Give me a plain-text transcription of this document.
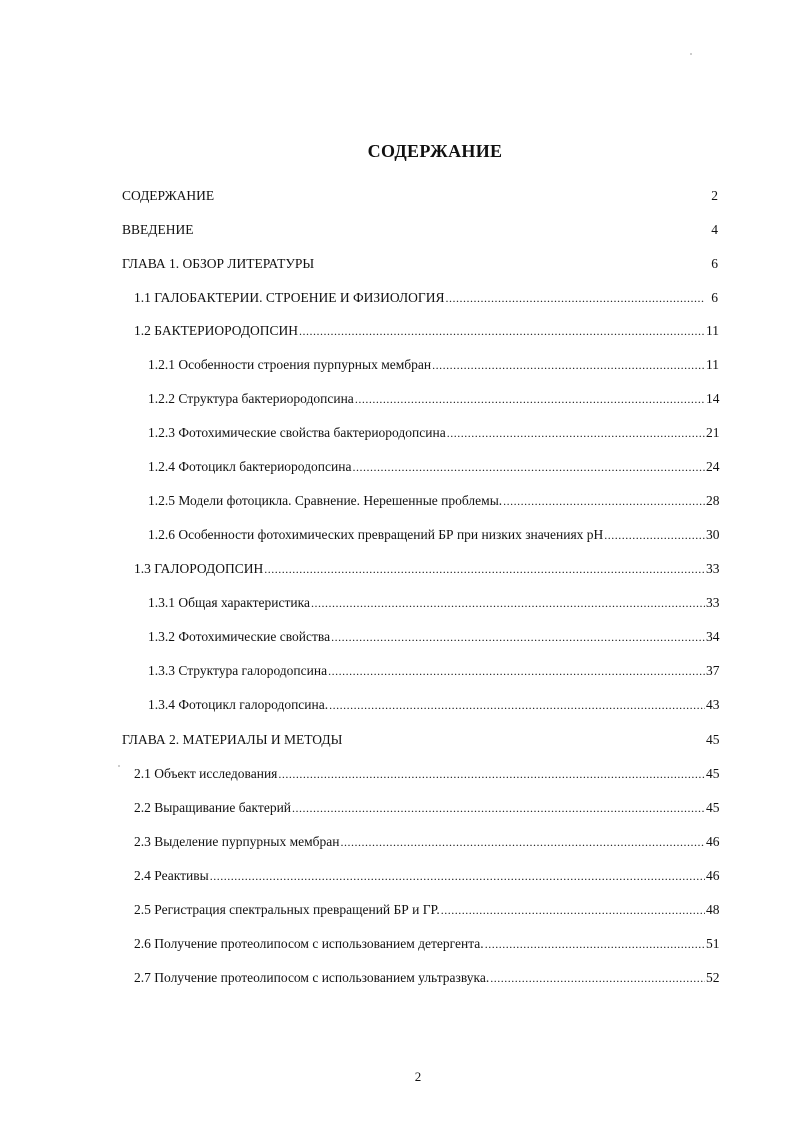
СОДЕРЖАНИЕ
СОДЕРЖАНИЕ	2
ВВЕДЕНИЕ	4
ГЛАВА 1. ОБЗОР ЛИТЕРАТУРЫ	6
1.1 ГАЛОБАКТЕРИИ. СТРОЕНИЕ И ФИЗИОЛОГИЯ .....	6
1.2 БАКТЕРИОРОДОПСИН .....	11
1.2.1 Особенности строения пурпурных мембран .....	11
1.2.2 Структура бактериородопсина .....	14
1.2.3 Фотохимические свойства бактериородопсина .....	21
1.2.4 Фотоцикл бактериородопсина .....	24
1.2.5 Модели фотоцикла. Сравнение. Нерешенные проблемы. .....	28
1.2.6 Особенности фотохимических превращений БР при низких значениях рН .....	30
1.3 ГАЛОРОДОПСИН .....	33
1.3.1 Общая характеристика .....	33
1.3.2 Фотохимические свойства .....	34
1.3.3 Структура галородопсина .....	37
1.3.4 Фотоцикл галородопсина. .....	43
ГЛАВА 2. МАТЕРИАЛЫ И МЕТОДЫ	45
2.1 Объект исследования .....	45
2.2 Выращивание бактерий .....	45
2.3 Выделение пурпурных мембран .....	46
2.4 Реактивы .....	46
2.5 Регистрация спектральных превращений БР и ГР. .....	48
2.6 Получение протеолипосом с использованием детергента. .....	51
2.7 Получение протеолипосом с использованием ультразвука. .....	52
2
